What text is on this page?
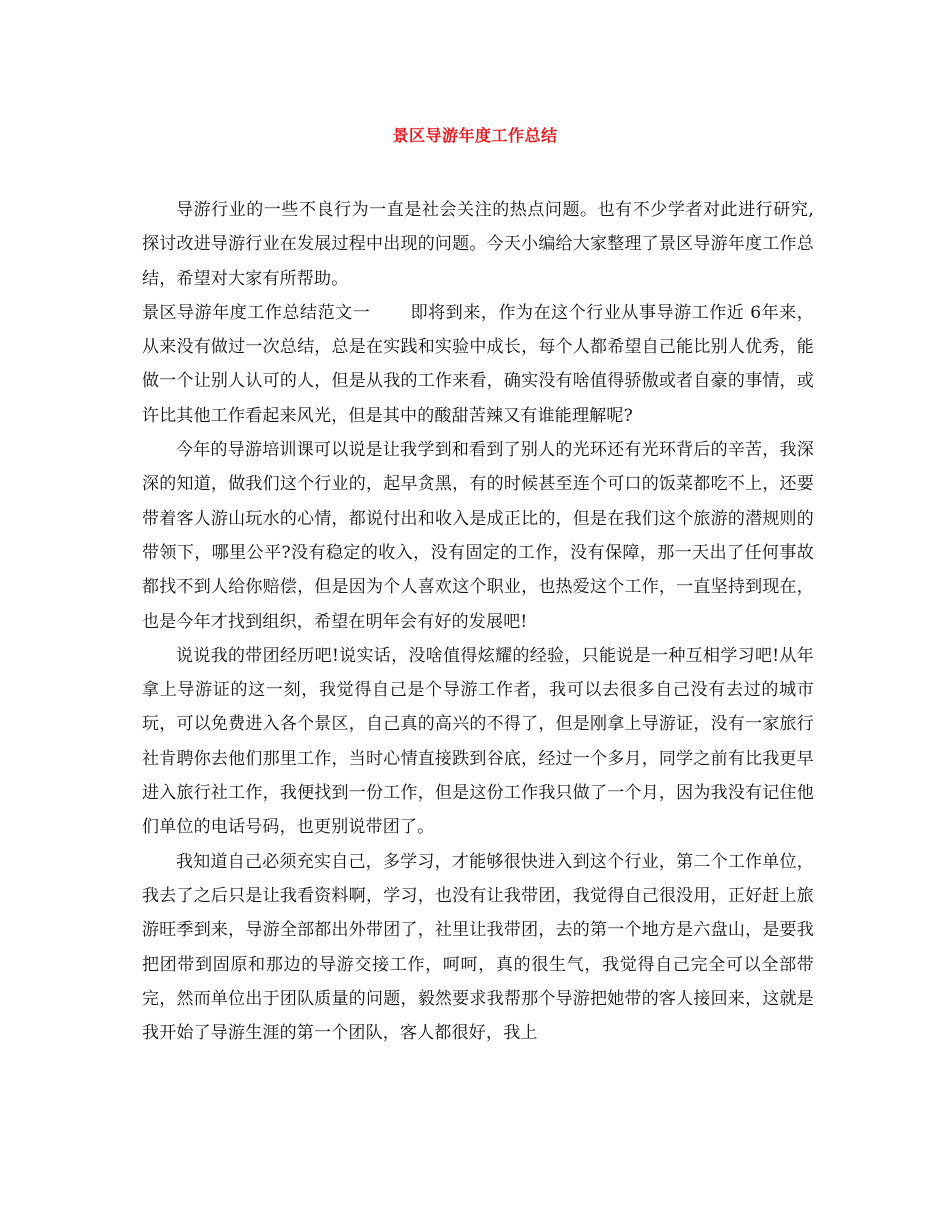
景区导游年度工作总结

导游行业的一些不良行为一直是社会关注的热点问题。也有不少学者对此进行研究,探讨改进导游行业在发展过程中出现的问题。今天小编给大家整理了景区导游年度工作总结，希望对大家有所帮助。

景区导游年度工作总结范文一 即将到来，作为在这个行业从事导游工作近 6年来，从来没有做过一次总结，总是在实践和实验中成长，每个人都希望自己能比别人优秀，能做一个让别人认可的人，但是从我的工作来看，确实没有啥值得骄傲或者自豪的事情，或许比其他工作看起来风光，但是其中的酸甜苦辣又有谁能理解呢?

今年的导游培训课可以说是让我学到和看到了别人的光环还有光环背后的辛苦，我深深的知道，做我们这个行业的，起早贪黑，有的时候甚至连个可口的饭菜都吃不上，还要带着客人游山玩水的心情，都说付出和收入是成正比的，但是在我们这个旅游的潜规则的带领下，哪里公平?没有稳定的收入，没有固定的工作，没有保障，那一天出了任何事故都找不到人给你赔偿，但是因为个人喜欢这个职业，也热爱这个工作，一直坚持到现在，也是今年才找到组织，希望在明年会有好的发展吧!

说说我的带团经历吧!说实话，没啥值得炫耀的经验，只能说是一种互相学习吧!从年拿上导游证的这一刻，我觉得自己是个导游工作者，我可以去很多自己没有去过的城市玩，可以免费进入各个景区，自己真的高兴的不得了，但是刚拿上导游证，没有一家旅行社肯聘你去他们那里工作，当时心情直接跌到谷底，经过一个多月，同学之前有比我更早进入旅行社工作，我便找到一份工作，但是这份工作我只做了一个月，因为我没有记住他们单位的电话号码，也更别说带团了。

我知道自己必须充实自己，多学习，才能够很快进入到这个行业，第二个工作单位，我去了之后只是让我看资料啊，学习，也没有让我带团，我觉得自己很没用，正好赶上旅游旺季到来，导游全部都出外带团了，社里让我带团，去的第一个地方是六盘山，是要我把团带到固原和那边的导游交接工作，呵呵，真的很生气，我觉得自己完全可以全部带完，然而单位出于团队质量的问题，毅然要求我帮那个导游把她带的客人接回来，这就是我开始了导游生涯的第一个团队，客人都很好，我上
